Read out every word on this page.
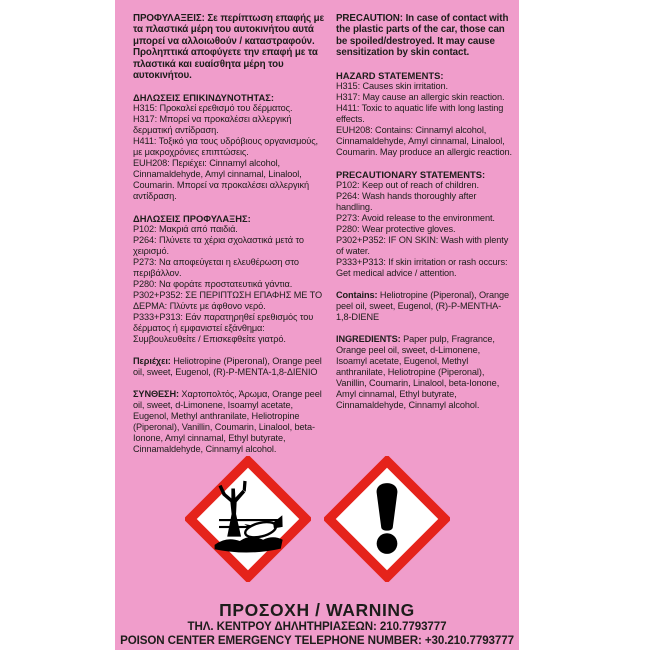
ΠΡΟΦΥΛΑΞΕΙΣ: Σε περίπτωση επαφής με τα πλαστικά μέρη του αυτοκινήτου αυτά μπορεί να αλλοιωθούν / καταστραφούν. Προληπτικά αποφύγετε την επαφή με τα πλαστικά και ευαίσθητα μέρη του αυτοκινήτου.

ΔΗΛΩΣΕΙΣ ΕΠΙΚΙΝΔΥΝΟΤΗΤΑΣ:

H315: Προκαλεί ερεθισμό του δέρματος.

H317: Μπορεί να προκαλέσει αλλεργική δερματική αντίδραση.

H411: Τοξικό για τους υδρόβιους οργανισμούς, με μακροχρόνιες επιπτώσεις.

EUH208: Περιέχει: Cinnamyl alcohol, Cinnamaldehyde, Amyl cinnamal, Linalool, Coumarin. Μπορεί να προκαλέσει αλλεργική αντίδραση.

ΔΗΛΩΣΕΙΣ ΠΡΟΦΥΛΑΞΗΣ:

P102: Μακριά από παιδιά.

P264: Πλύνετε τα χέρια σχολαστικά μετά το χειρισμό.

P273: Να αποφεύγεται η ελευθέρωση στο περιβάλλον.

P280: Να φοράτε προστατευτικά γάντια.

P302+P352: ΣΕ ΠΕΡΙΠΤΩΣΗ ΕΠΑΦΗΣ ΜΕ ΤΟ ΔΕΡΜΑ: Πλύντε με άφθονο νερό.

P333+P313: Εάν παρατηρηθεί ερεθισμός του δέρματος ή εμφανιστεί εξάνθημα: Συμβουλευθείτε / Επισκεφθείτε γιατρό.

Περιέχει: Heliotropine (Piperonal), Orange peel oil, sweet, Eugenol, (R)-P-MENTA-1,8-ΔΙΕΝΙΟ

ΣΥΝΘΕΣΗ: Χαρτοπολτός, Άρωμα, Orange peel oil, sweet, d-Limonene, Isoamyl acetate, Eugenol, Methyl anthranilate, Heliotropine (Piperonal), Vanillin, Coumarin, Linalool, beta-Ionone, Amyl cinnamal, Ethyl butyrate, Cinnamaldehyde, Cinnamyl alcohol.

PRECAUTION: In case of contact with the plastic parts of the car, those can be spoiled/destroyed. It may cause sensitization by skin contact.

HAZARD STATEMENTS:

H315: Causes skin irritation.

H317: May cause an allergic skin reaction.

H411: Toxic to aquatic life with long lasting effects.

EUH208: Contains: Cinnamyl alcohol, Cinnamaldehyde, Amyl cinnamal, Linalool, Coumarin. May produce an allergic reaction.

PRECAUTIONARY STATEMENTS:

P102: Keep out of reach of children.

P264: Wash hands thoroughly after handling.

P273: Avoid release to the environment.

P280: Wear protective gloves.

P302+P352: IF ON SKIN: Wash with plenty of water.

P333+P313: If skin irritation or rash occurs: Get medical advice / attention.

Contains: Heliotropine (Piperonal), Orange peel oil, sweet, Eugenol, (R)-P-MENTHA-1,8-DIENE

INGREDIENTS: Paper pulp, Fragrance, Orange peel oil, sweet, d-Limonene, Isoamyl acetate, Eugenol, Methyl anthranilate, Heliotropine (Piperonal), Vanillin, Coumarin, Linalool, beta-Ionone, Amyl cinnamal, Ethyl butyrate, Cinnamaldehyde, Cinnamyl alcohol.

ΠΡΟΣΟΧΗ / WARNING
ΤΗΛ. ΚΕΝΤΡΟΥ ΔΗΛΗΤΗΡΙΑΣΕΩΝ: 210.7793777
POISON CENTER EMERGENCY TELEPHONE NUMBER: +30.210.7793777
